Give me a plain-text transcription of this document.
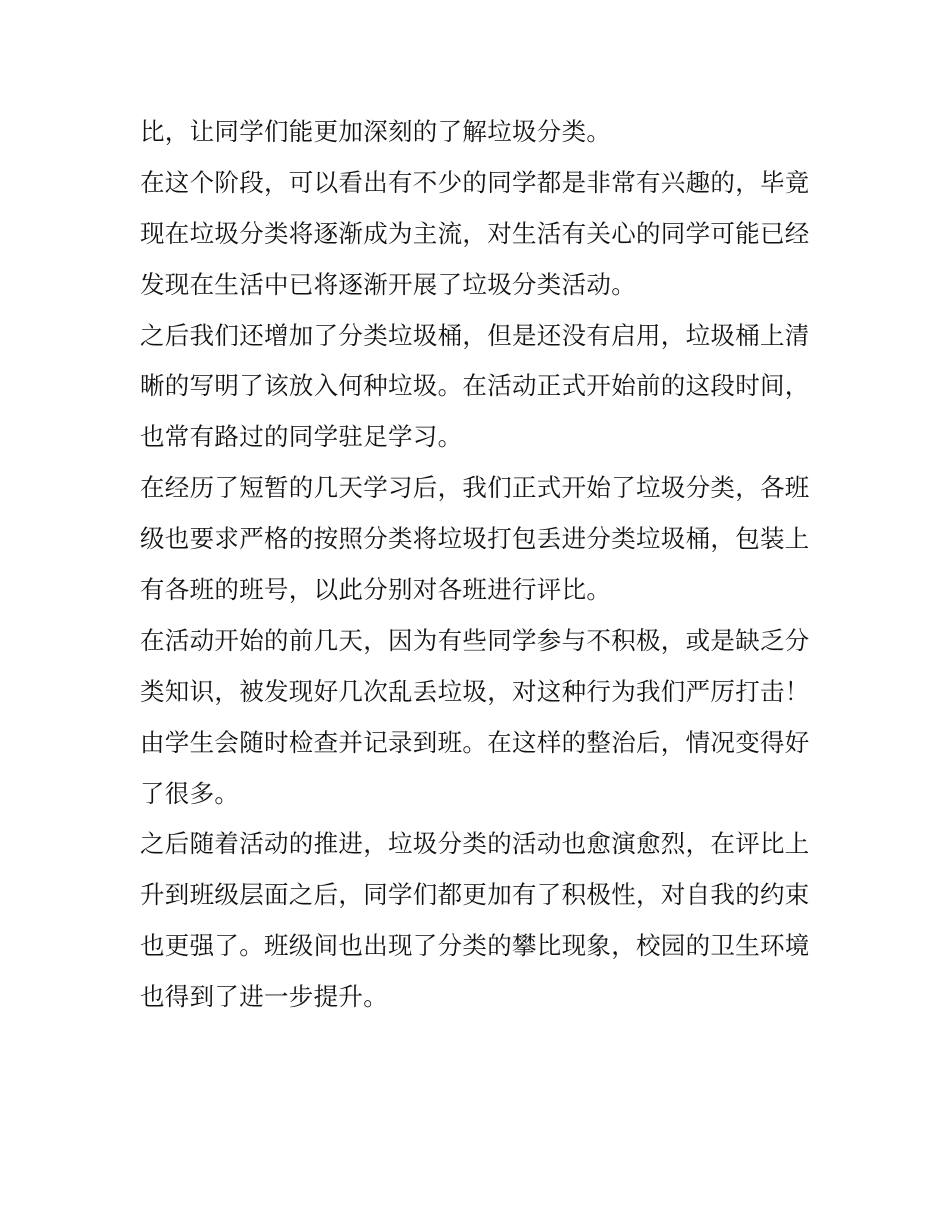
比，让同学们能更加深刻的了解垃圾分类。
在这个阶段，可以看出有不少的同学都是非常有兴趣的，毕竟
现在垃圾分类将逐渐成为主流，对生活有关心的同学可能已经
发现在生活中已将逐渐开展了垃圾分类活动。
之后我们还增加了分类垃圾桶，但是还没有启用，垃圾桶上清
晰的写明了该放入何种垃圾。在活动正式开始前的这段时间，
也常有路过的同学驻足学习。
在经历了短暂的几天学习后，我们正式开始了垃圾分类，各班
级也要求严格的按照分类将垃圾打包丢进分类垃圾桶，包装上
有各班的班号，以此分别对各班进行评比。
在活动开始的前几天，因为有些同学参与不积极，或是缺乏分
类知识，被发现好几次乱丢垃圾，对这种行为我们严厉打击！
由学生会随时检查并记录到班。在这样的整治后，情况变得好
了很多。
之后随着活动的推进，垃圾分类的活动也愈演愈烈，在评比上
升到班级层面之后，同学们都更加有了积极性，对自我的约束
也更强了。班级间也出现了分类的攀比现象，校园的卫生环境
也得到了进一步提升。
